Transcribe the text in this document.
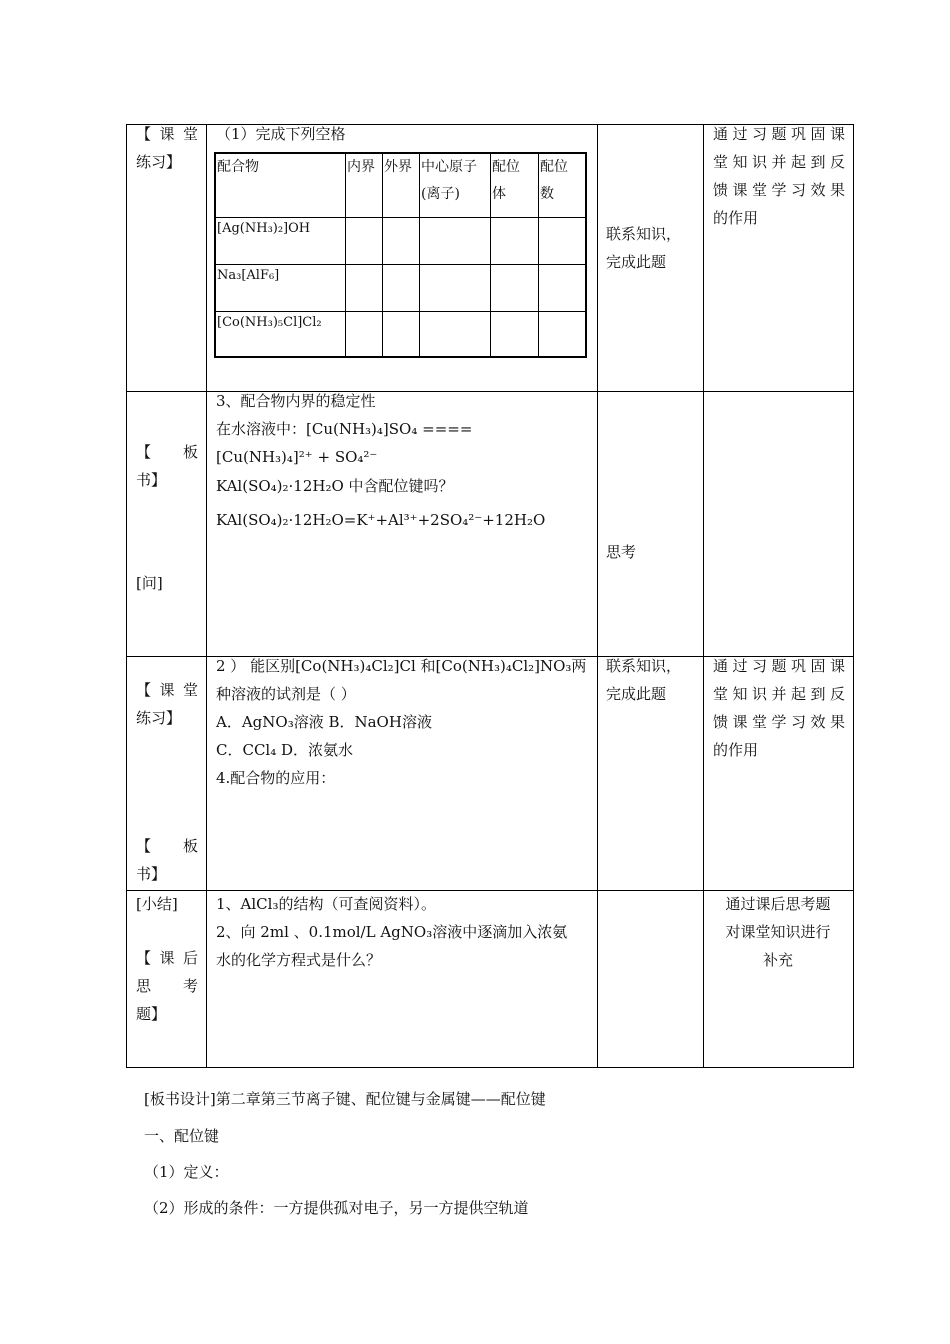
【 课 堂
练习】
（1）完成下列空格
配合物	内界 外界 中心原子
(离子)
配位
体
配位
数
[Ag(NH₃)₂]OH
Na₃[AlF₆]
[Co(NH₃)₅Cl]Cl₂
联系知识，
完成此题
通过习题巩固课
堂知识并起到反
馈课堂学习效果
的作用
【 板
书】
[问]
3、配合物内界的稳定性
在水溶液中：[Cu(NH₃)₄]SO₄ ====
[Cu(NH₃)₄]²⁺ + SO₄²⁻
KAl(SO₄)₂·12H₂O 中含配位键吗？
KAl(SO₄)₂·12H₂O=K⁺+Al³⁺+2SO₄²⁻+12H₂O
思考
【 课 堂
练习】
【 板
书】
2 ） 能区别[Co(NH₃)₄Cl₂]Cl 和[Co(NH₃)₄Cl₂]NO₃两
种溶液的试剂是（ ）
A．AgNO₃溶液 B．NaOH溶液
C．CCl₄ D．浓氨水
4.配合物的应用：
联系知识，
完成此题
通过习题巩固课
堂知识并起到反
馈课堂学习效果
的作用
[小结]
【 课 后
思 考
题】
1、AlCl₃的结构（可查阅资料）。
2、向 2ml 、0.1mol/L AgNO₃溶液中逐滴加入浓氨
水的化学方程式是什么？
通过课后思考题
对课堂知识进行
补充
[板书设计]第二章第三节离子键、配位键与金属键——配位键
一、配位键
（1）定义：
（2）形成的条件：一方提供孤对电子，另一方提供空轨道
